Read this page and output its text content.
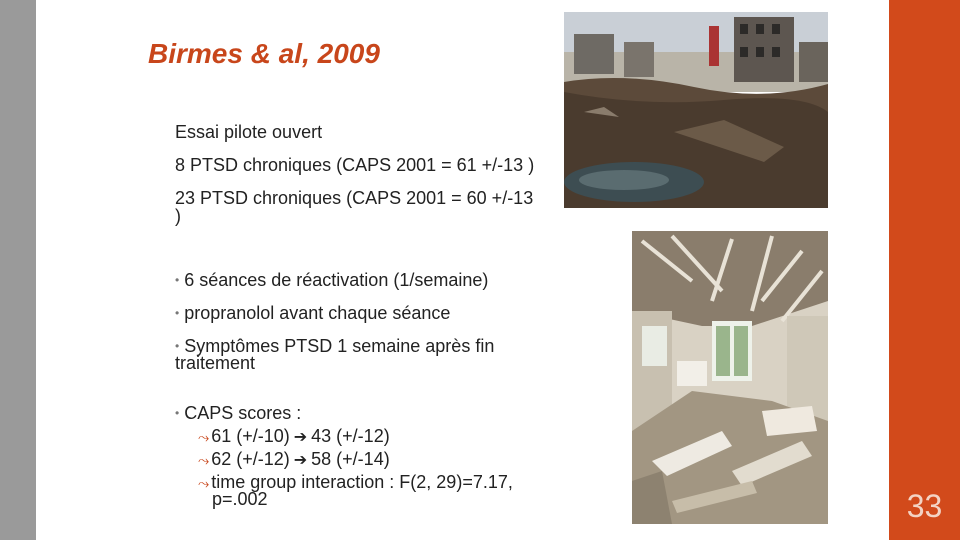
Birmes & al, 2009
Essai pilote ouvert
8 PTSD chroniques (CAPS 2001 = 61 +/-13 )
23 PTSD chroniques (CAPS 2001 = 60 +/-13
)
• 6 séances de réactivation (1/semaine)
• propranolol avant chaque séance
• Symptômes PTSD 1 semaine après fin
traitement
• CAPS scores :
⤳ 61 (+/-10) ➔ 43 (+/-12)
⤳ 62 (+/-12) ➔ 58 (+/-14)
⤳ time group interaction : F(2, 29)=7.17,
p=.002	33
